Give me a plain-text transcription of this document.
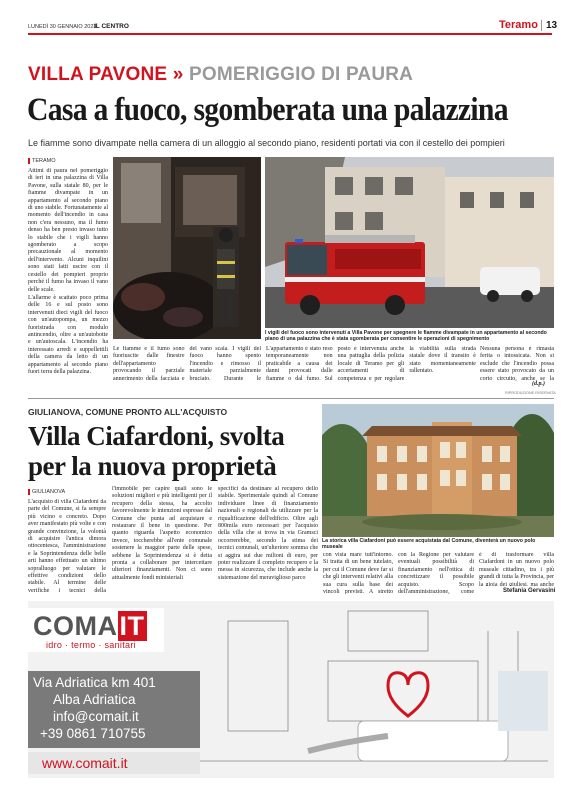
LUNEDÌ 30 GENNAIO 2023
IL CENTRO	Teramo 13
VILLA PAVONE » POMERIGGIO DI PAURA
Casa a fuoco, sgomberata una palazzina
Le fiamme sono divampate nella camera di un alloggio al secondo piano, residenti portati via con il cestello dei pompieri
TERAMO

Attimi di paura nel pomeriggio di ieri in una palazzina di Villa Pavone, sulla statale 80, per le fiamme divampate in un appartamento al secondo piano di uno stabile. Fortunatamente al momento dell'incendio in casa non c'era nessuno, ma il fumo denso ha ben presto invaso tutto lo stabile che i vigili hanno sgomberato a scopo precauzionale al momento dell'intervento. Alcuni inquilini sono stati fatti uscire con il cestello dei pompieri proprio perché il fumo ha invaso il vano delle scale.

L'allarme è scattato poco prima delle 16 e sul posto sono intervenuti dieci vigili del fuoco con un'autopompa, un mezzo fuoristrada con modulo antincendio, oltre a un'autobotte e un'autoscala. L'incendio ha interessato arredi e suppellettili della camera da letto di un appartamento al secondo piano fuori terra della palazzina.

I vigili del fuoco sono intervenuti a Villa Pavone per spegnere le fiamme divampate in un appartamento al secondo piano di una palazzina che è stata sgomberata per consentire le operazioni di spegnimento

Le fiamme e il fumo sono fuoriuscite dalle finestre dell'appartamento provocando il parziale annerimento della facciata e del vano scala. I vigili del fuoco hanno spento l'incendio e rimosso il materiale parzialmente bruciato. Durante le

L'appartamento è stato reso temporaneamente non praticabile a causa dei danni provocati dalle fiamme o dal fumo. Sul posto è intervenuta anche una pattuglia della polizia locale di Teramo per gli accertamenti di competenza e per regolare la viabilità sulla strada statale dove il transito è stato momentaneamente rallentato.

Nessuna persona è rimasta ferita o intossicata. Non si esclude che l'incendio possa essere stato provocato da un corto circuito, anche se la

(d.p.)
RIPRODUZIONE RISERVATA
GIULIANOVA, COMUNE PRONTO ALL'ACQUISTO
Villa Ciafardoni, svolta
per la nuova proprietà
La storica villa Ciafardoni può essere acquistata dal Comune, diventerà un nuovo polo museale
GIULIANOVA

L'acquisto di villa Ciafardoni da parte del Comune, si fa sempre più vicino e concreto. Dopo aver manifestato più volte e con grande convinzione, la volontà di acquisire l'antica dimora ottocentesca, l'amministrazione e la Soprintendenza delle belle arti hanno effettuato un ultimo sopralluogo per valutare le effettive condizioni dello stabile. Al termine delle verifiche i tecnici della

l'immobile per capire quali sono le soluzioni migliori e più intelligenti per il recupero della stessa, ha accolto favorevolmente le intenzioni espresse dal Comune che punta ad acquistare e restaurare il bene in questione. Per quanto riguarda l'aspetto economico invece, toccherebbe all'ente comunale sostenere la maggior parte delle spese, sebbene la Soprintendenza si è detta pronta a collaborare per intercettare ulteriori finanziamenti. Non ci sono attualmente fondi ministeriali

specifici da destinare al recupero dello stabile. Sperimentale quindi al Comune individuare linee di finanziamento nazionali e regionali da utilizzare per la riqualificazione dell'edificio. Oltre agli 800mila euro necessari per l'acquisto della villa che si trova in via Gramsci occorrerebbe, secondo la stima dei tecnici comunali, un'ulteriore somma che si aggira sui due milioni di euro, per poter realizzare il completo recupero e la messa in sicurezza, che include anche la sistemazione del meraviglioso parco

con vista mare tutt'intorno. Si tratta di un bene tutelato, per cui il Comune deve far si che gli interventi relativi alla sua cura sulla base dei vincoli previsti. A stretto

con la Regione per valutare eventuali possibilità di finanziamento nell'ottica di concretizzare il possibile acquisto. Scopo dell'amministrazione, come

è di trasformare villa Ciafardoni in un nuovo polo museale cittadino, tra i più grandi di tutta la Provincia, per la gioia dei giuliesi, ma anche

Stefania Gervasini
COMAIT
idro · termo · sanitari
Via Adriatica km 401
Alba Adriatica
info@comait.it
+39 0861 710755
www.comait.it
